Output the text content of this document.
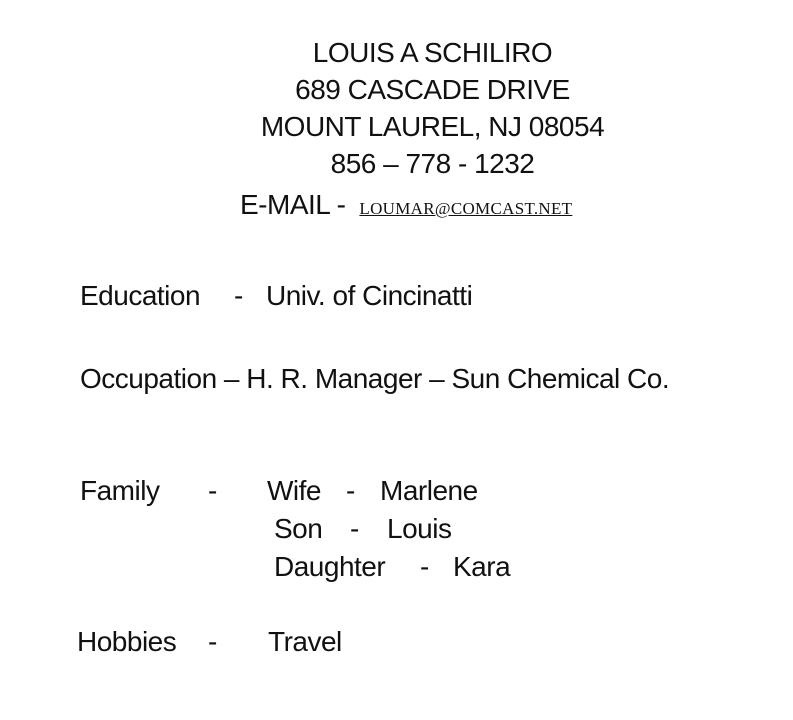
LOUIS A SCHILIRO
689 CASCADE DRIVE
MOUNT LAUREL, NJ 08054
856 – 778 - 1232
E-MAIL - LOUMAR@COMCAST.NET
Education - Univ. of Cincinatti
Occupation – H. R. Manager – Sun Chemical Co.
Family - Wife - Marlene
Son - Louis
Daughter - Kara
Hobbies - Travel
